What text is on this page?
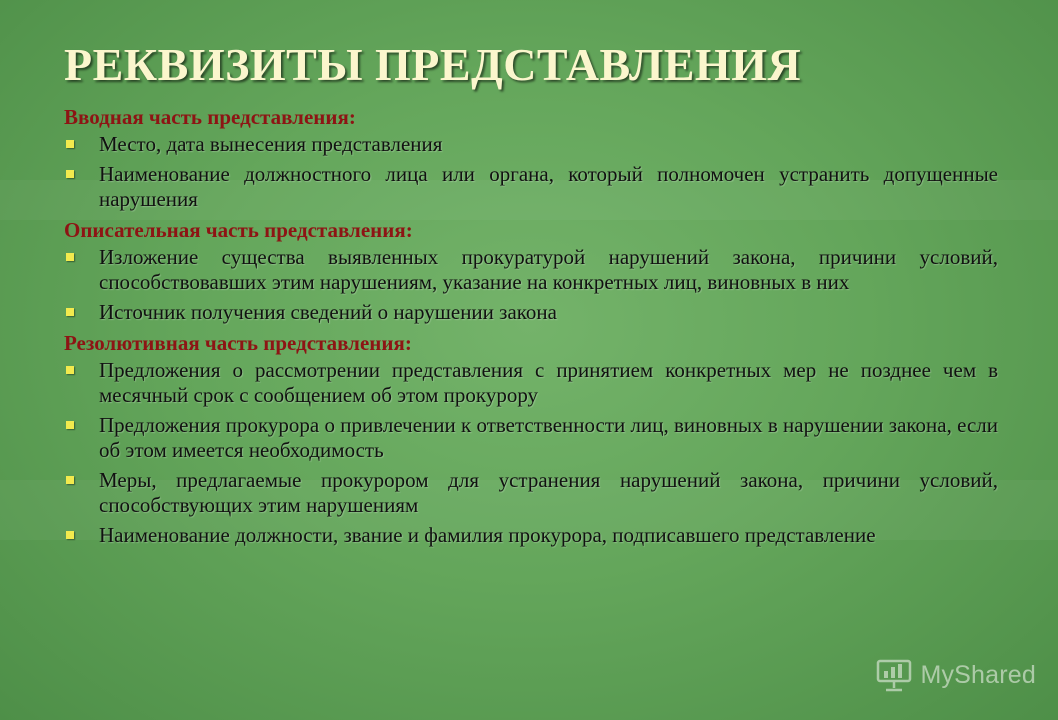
РЕКВИЗИТЫ ПРЕДСТАВЛЕНИЯ
Вводная часть представления:
Место, дата вынесения представления
Наименование должностного лица или органа, который полномочен устранить допущенные нарушения
Описательная часть представления:
Изложение существа выявленных прокуратурой нарушений закона, причини условий, способствовавших этим нарушениям, указание на конкретных лиц, виновных в них
Источник получения сведений о нарушении закона
Резолютивная часть представления:
Предложения о рассмотрении представления с принятием конкретных мер не позднее чем в месячный срок с сообщением об этом прокурору
Предложения прокурора о привлечении к ответственности лиц, виновных в нарушении закона, если об этом имеется необходимость
Меры, предлагаемые прокурором для устранения нарушений закона, причини условий, способствующих этим нарушениям
Наименование должности, звание и фамилия прокурора, подписавшего представление
MyShared
